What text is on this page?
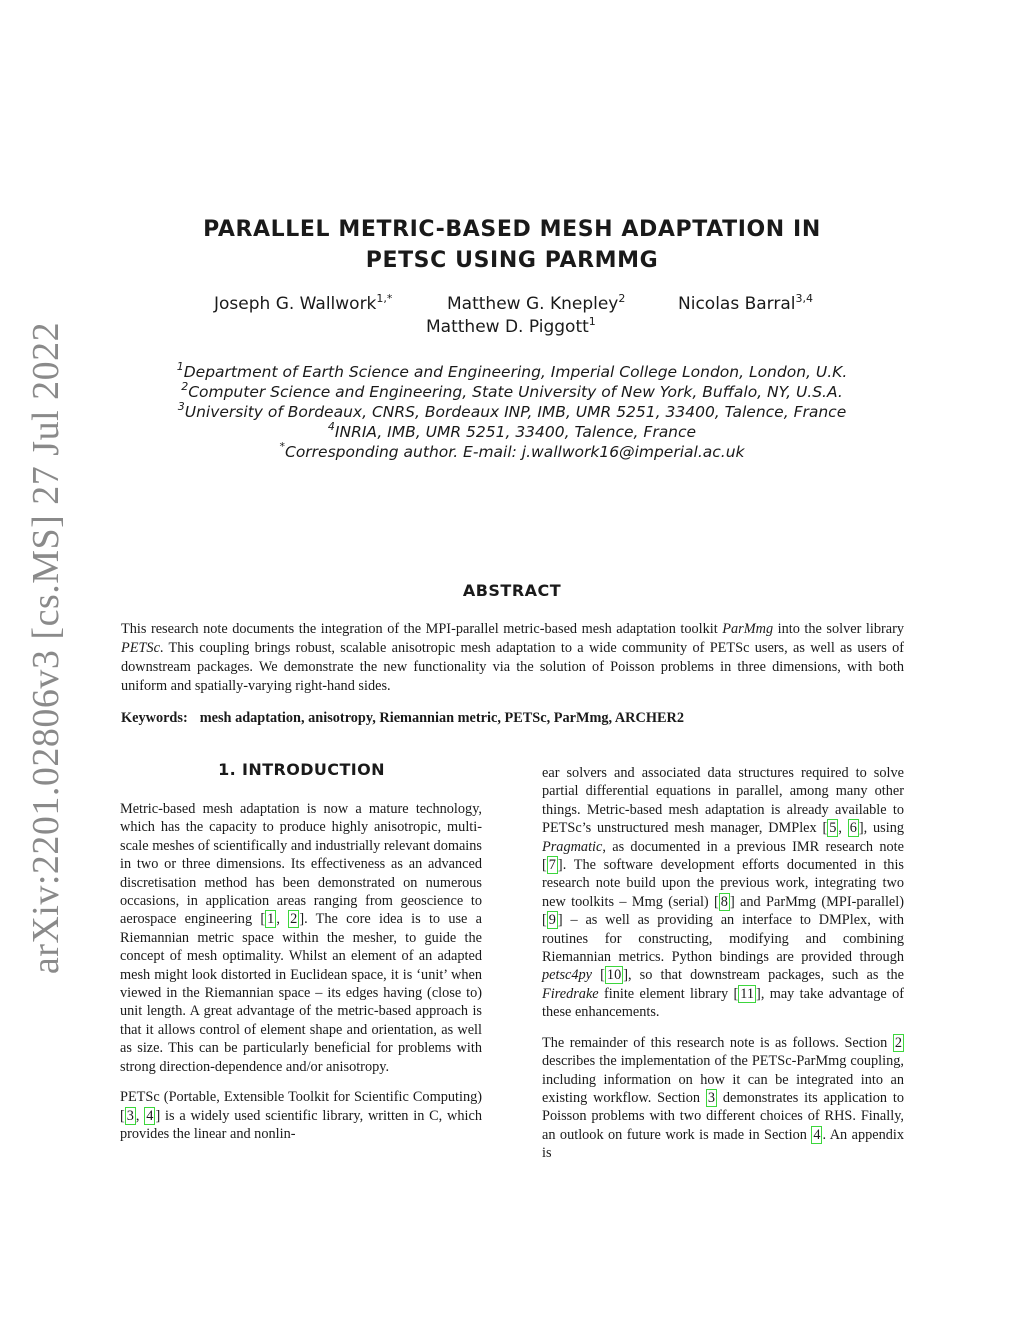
arXiv:2201.02806v3 [cs.MS] 27 Jul 2022
PARALLEL METRIC-BASED MESH ADAPTATION IN
PETSC USING PARMMG
Joseph G. Wallwork$^{1,*}$	Matthew G. Knepley$^2$	Nicolas Barral$^{3,4}$
Matthew D. Piggott$^1$
$^1$Department of Earth Science and Engineering, Imperial College London, London, U.K.
$^2$Computer Science and Engineering, State University of New York, Buffalo, NY, U.S.A.
$^3$University of Bordeaux, CNRS, Bordeaux INP, IMB, UMR 5251, 33400, Talence, France
$^4$INRIA, IMB, UMR 5251, 33400, Talence, France
*Corresponding author. E-mail: j.wallwork16@imperial.ac.uk
ABSTRACT
This research note documents the integration of the MPI-parallel metric-based mesh adaptation toolkit ParMmg into the solver library PETSc. This coupling brings robust, scalable anisotropic mesh adaptation to a wide community of PETSc users, as well as users of downstream packages. We demonstrate the new functionality via the solution of Poisson problems in three dimensions, with both uniform and spatially-varying right-hand sides.
Keywords: mesh adaptation, anisotropy, Riemannian metric, PETSc, ParMmg, ARCHER2
1. INTRODUCTION

Metric-based mesh adaptation is now a mature technology, which has the capacity to produce highly anisotropic, multi-scale meshes of scientifically and industrially relevant domains in two or three dimensions. Its effectiveness as an advanced discretisation method has been demonstrated on numerous occasions, in application areas ranging from geoscience to aerospace engineering [ 1 , 2 ]. The core idea is to use a Riemannian metric space within the mesher, to guide the concept of mesh optimality. Whilst an element of an adapted mesh might look distorted in Euclidean space, it is ‘unit’ when viewed in the Riemannian space – its edges having (close to) unit length. A great advantage of the metric-based approach is that it allows control of element shape and orientation, as well as size. This can be particularly beneficial for problems with strong direction-dependence and/or anisotropy.

PETSc (Portable, Extensible Toolkit for Scientific Computing) [ 3 , 4 ] is a widely used scientific library, written in C, which provides the linear and nonlin-

ear solvers and associated data structures required to solve partial differential equations in parallel, among many other things. Metric-based mesh adaptation is already available to PETSc’s unstructured mesh manager, DMPlex [ 5 , 6 ], using Pragmatic, as documented in a previous IMR research note [ 7 ]. The software development efforts documented in this research note build upon the previous work, integrating two new toolkits – Mmg (serial) [ 8 ] and ParMmg (MPI-parallel) [ 9 ] – as well as providing an interface to DMPlex, with routines for constructing, modifying and combining Riemannian metrics. Python bindings are provided through petsc4py [ 10 ], so that downstream packages, such as the Firedrake finite element library [ 11 ], may take advantage of these enhancements.

The remainder of this research note is as follows. Section 2 describes the implementation of the PETSc-ParMmg coupling, including information on how it can be integrated into an existing workflow. Section 3 demonstrates its application to Poisson problems with two different choices of RHS. Finally, an outlook on future work is made in Section 4 . An appendix is
